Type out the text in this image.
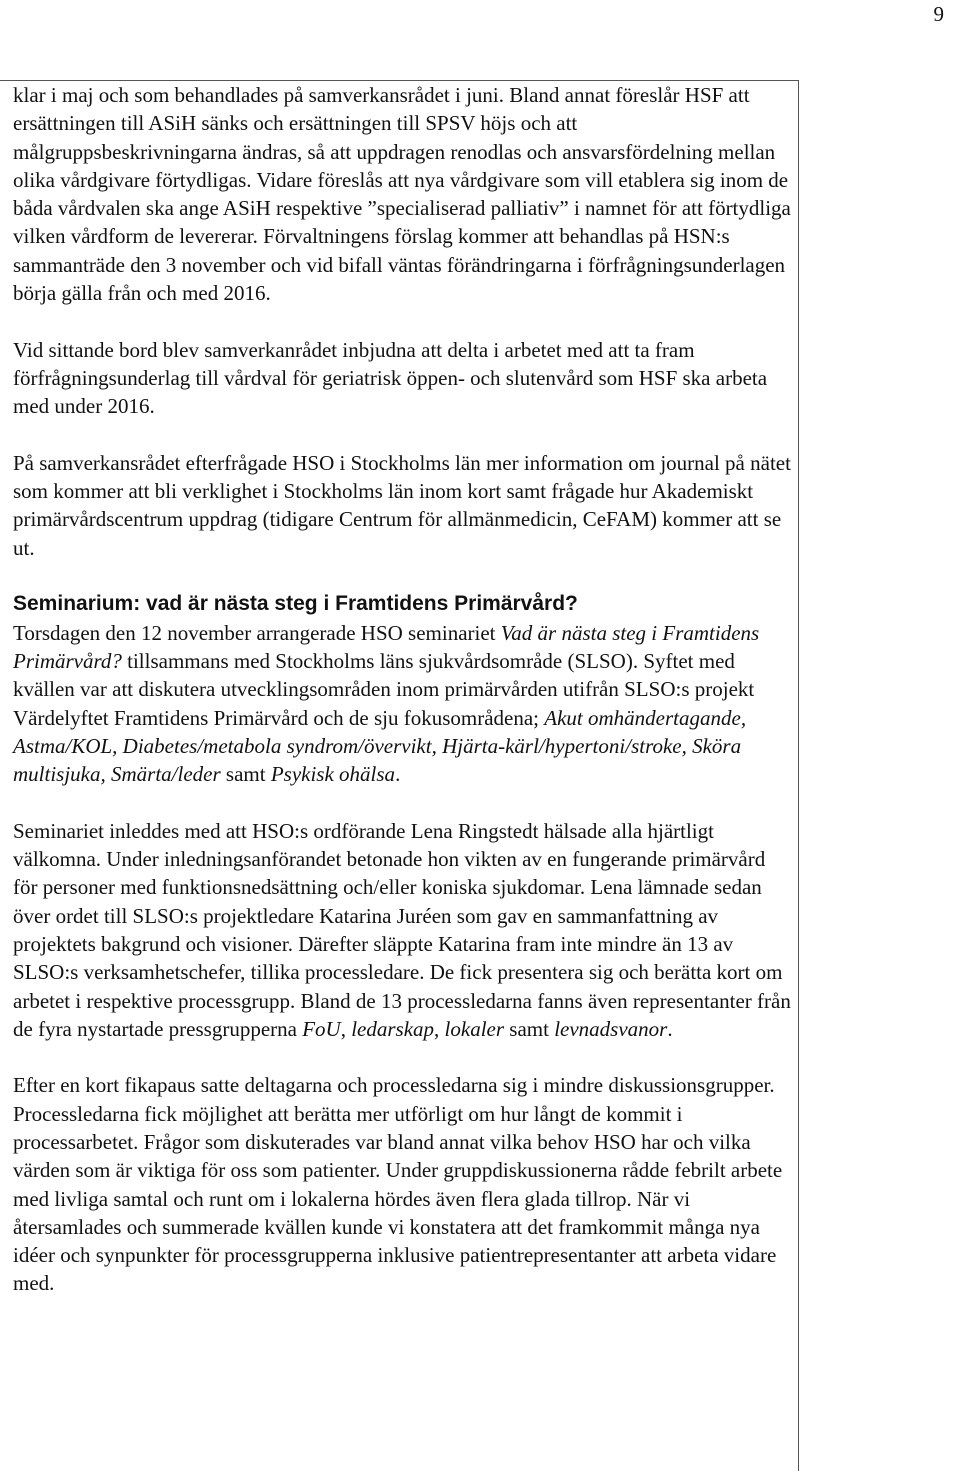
9

klar i maj och som behandlades på samverkansrådet i juni. Bland annat föreslår HSF att ersättningen till ASiH sänks och ersättningen till SPSV höjs och att målgruppsbeskrivningarna ändras, så att uppdragen renodlas och ansvarsfördelning mellan olika vårdgivare förtydligas. Vidare föreslås att nya vårdgivare som vill etablera sig inom de båda vårdvalen ska ange ASiH respektive ”specialiserad palliativ” i namnet för att förtydliga vilken vårdform de levererar. Förvaltningens förslag kommer att behandlas på HSN:s sammanträde den 3 november och vid bifall väntas förändringarna i förfrågningsunderlagen börja gälla från och med 2016.

Vid sittande bord blev samverkanrådet inbjudna att delta i arbetet med att ta fram förfrågningsunderlag till vårdval för geriatrisk öppen- och slutenvård som HSF ska arbeta med under 2016.

På samverkansrådet efterfrågade HSO i Stockholms län mer information om journal på nätet som kommer att bli verklighet i Stockholms län inom kort samt frågade hur Akademiskt primärvårdscentrum uppdrag (tidigare Centrum för allmänmedicin, CeFAM) kommer att se ut.

Seminarium: vad är nästa steg i Framtidens Primärvård?

Torsdagen den 12 november arrangerade HSO seminariet Vad är nästa steg i Framtidens Primärvård? tillsammans med Stockholms läns sjukvårdsområde (SLSO). Syftet med kvällen var att diskutera utvecklingsområden inom primärvården utifrån SLSO:s projekt Värdelyftet Framtidens Primärvård och de sju fokusområdena; Akut omhändertagande, Astma/KOL, Diabetes/metabola syndrom/övervikt, Hjärta-kärl/hypertoni/stroke, Sköra multisjuka, Smärta/leder samt Psykisk ohälsa.

Seminariet inleddes med att HSO:s ordförande Lena Ringstedt hälsade alla hjärtligt välkomna. Under inledningsanförandet betonade hon vikten av en fungerande primärvård för personer med funktionsnedsättning och/eller koniska sjukdomar. Lena lämnade sedan över ordet till SLSO:s projektledare Katarina Juréen som gav en sammanfattning av projektets bakgrund och visioner. Därefter släppte Katarina fram inte mindre än 13 av SLSO:s verksamhetschefer, tillika processledare. De fick presentera sig och berätta kort om arbetet i respektive processgrupp. Bland de 13 processledarna fanns även representanter från de fyra nystartade pressgrupperna FoU, ledarskap, lokaler samt levnadsvanor.

Efter en kort fikapaus satte deltagarna och processledarna sig i mindre diskussionsgrupper. Processledarna fick möjlighet att berätta mer utförligt om hur långt de kommit i processarbetet. Frågor som diskuterades var bland annat vilka behov HSO har och vilka värden som är viktiga för oss som patienter. Under gruppdiskussionerna rådde febrilt arbete med livliga samtal och runt om i lokalerna hördes även flera glada tillrop. När vi återsamlades och summerade kvällen kunde vi konstatera att det framkommit många nya idéer och synpunkter för processgrupperna inklusive patientrepresentanter att arbeta vidare med.
